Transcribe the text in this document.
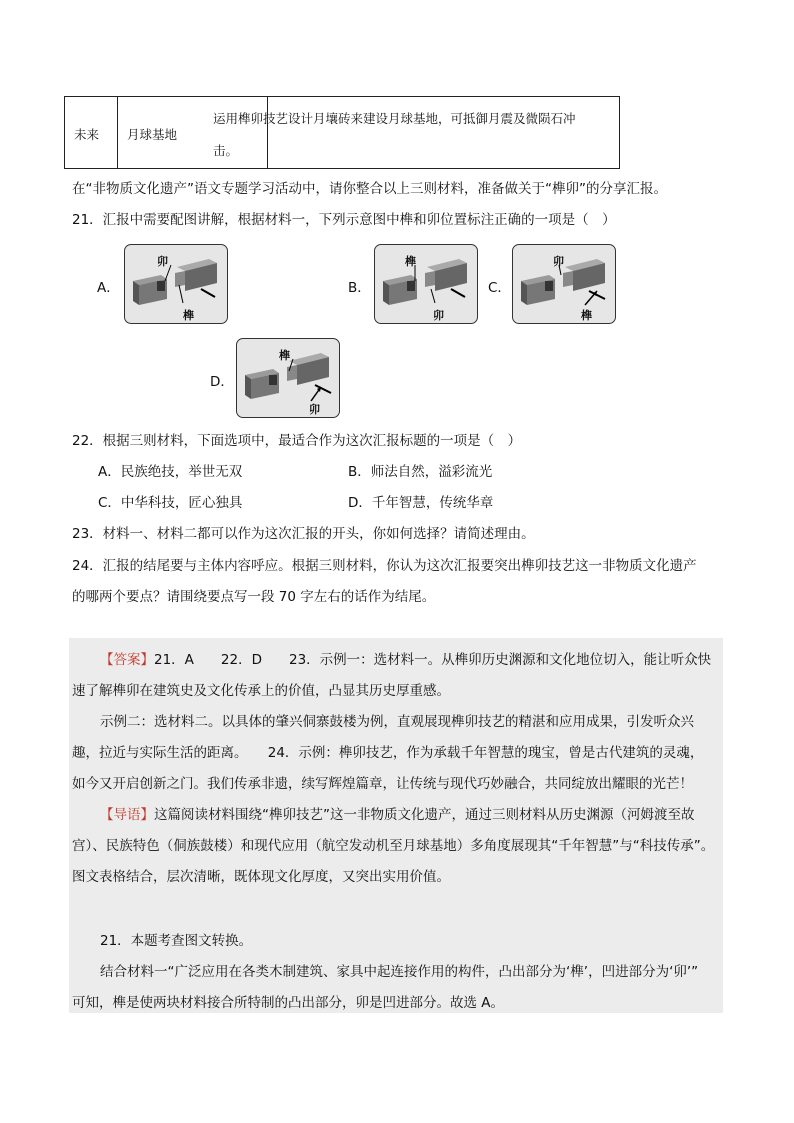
未来 月球基地
运用榫卯技艺设计月壤砖来建设月球基地，可抵御月震及微陨石冲
击。
在“非物质文化遗产”语文专题学习活动中，请你整合以上三则材料，准备做关于“榫卯”的分享汇报。
21．汇报中需要配图讲解，根据材料一，下列示意图中榫和卯位置标注正确的一项是（　）
A．
卯
榫
B．
榫
卯
C．
卯
榫
D．
榫
卯
22．根据三则材料，下面选项中，最适合作为这次汇报标题的一项是（　）
A．民族绝技，举世无双	B．师法自然，溢彩流光
C．中华科技，匠心独具	D．千年智慧，传统华章
23．材料一、材料二都可以作为这次汇报的开头，你如何选择？请简述理由。
24．汇报的结尾要与主体内容呼应。根据三则材料，你认为这次汇报要突出榫卯技艺这一非物质文化遗产
的哪两个要点？请围绕要点写一段 70 字左右的话作为结尾。
【答案】21．A　　22．D　　23．示例一：选材料一。从榫卯历史渊源和文化地位切入，能让听众快
速了解榫卯在建筑史及文化传承上的价值，凸显其历史厚重感。
示例二：选材料二。以具体的肇兴侗寨鼓楼为例，直观展现榫卯技艺的精湛和应用成果，引发听众兴
趣，拉近与实际生活的距离。　　24．示例：榫卯技艺，作为承载千年智慧的瑰宝，曾是古代建筑的灵魂，
如今又开启创新之门。我们传承非遗，续写辉煌篇章，让传统与现代巧妙融合，共同绽放出耀眼的光芒！
【导语】这篇阅读材料围绕“榫卯技艺”这一非物质文化遗产，通过三则材料从历史渊源（河姆渡至故
宫）、民族特色（侗族鼓楼）和现代应用（航空发动机至月球基地）多角度展现其“千年智慧”与“科技传承”。
图文表格结合，层次清晰，既体现文化厚度，又突出实用价值。
21．本题考查图文转换。
结合材料一“广泛应用在各类木制建筑、家具中起连接作用的构件，凸出部分为‘榫’，凹进部分为‘卯’”
可知，榫是使两块材料接合所特制的凸出部分，卯是凹进部分。故选 A。
